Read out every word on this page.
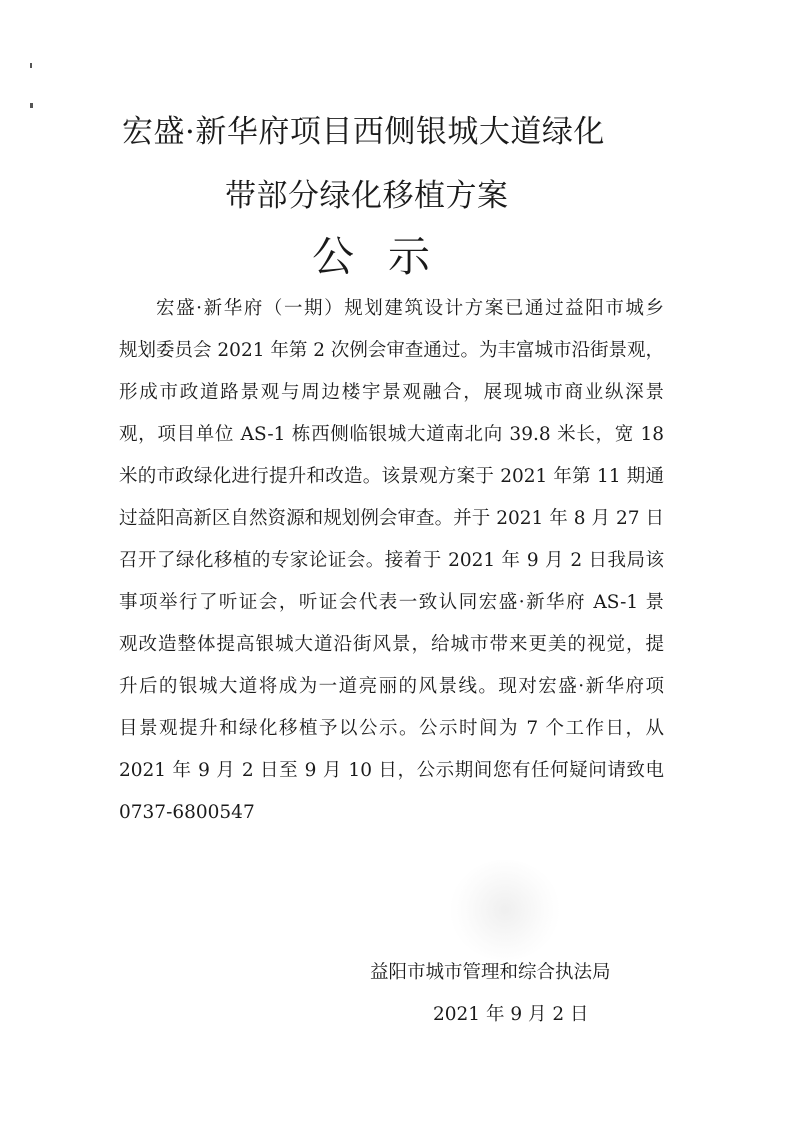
宏盛·新华府项目西侧银城大道绿化
带部分绿化移植方案
公示
宏盛·新华府（一期）规划建筑设计方案已通过益阳市城乡
规划委员会 2021 年第 2 次例会审查通过。为丰富城市沿街景观，
形成市政道路景观与周边楼宇景观融合，展现城市商业纵深景
观，项目单位 AS-1 栋西侧临银城大道南北向 39.8 米长，宽 18
米的市政绿化进行提升和改造。该景观方案于 2021 年第 11 期通
过益阳高新区自然资源和规划例会审查。并于 2021 年 8 月 27 日
召开了绿化移植的专家论证会。接着于 2021 年 9 月 2 日我局该
事项举行了听证会，听证会代表一致认同宏盛·新华府 AS-1 景
观改造整体提高银城大道沿街风景，给城市带来更美的视觉，提
升后的银城大道将成为一道亮丽的风景线。现对宏盛·新华府项
目景观提升和绿化移植予以公示。公示时间为 7 个工作日，从
2021 年 9 月 2 日至 9 月 10 日，公示期间您有任何疑问请致电
0737-6800547
益阳市城市管理和综合执法局
2021 年 9 月 2 日
